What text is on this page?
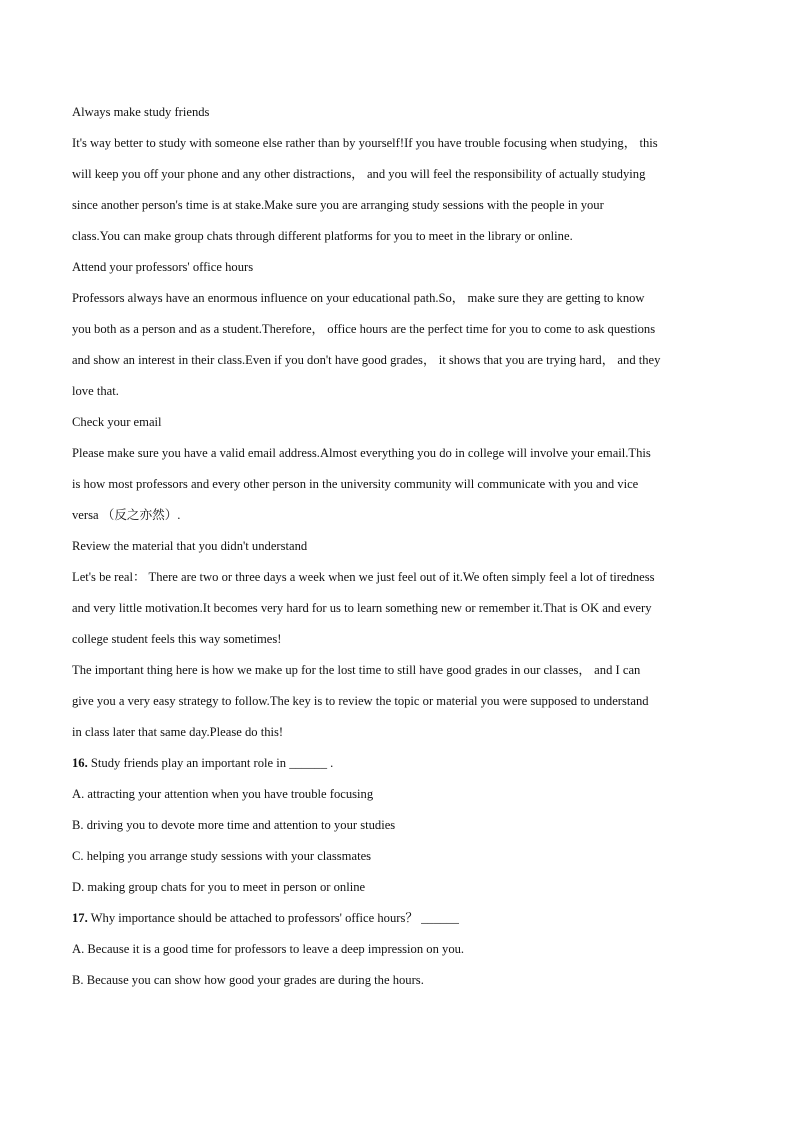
Always make study friends
It's way better to study with someone else rather than by yourself!If you have trouble focusing when studying， this
will keep you off your phone and any other distractions， and you will feel the responsibility of actually studying
since another person's time is at stake.Make sure you are arranging study sessions with the people in your
class.You can make group chats through different platforms for you to meet in the library or online.
Attend your professors' office hours
Professors always have an enormous influence on your educational path.So， make sure they are getting to know
you both as a person and as a student.Therefore， office hours are the perfect time for you to come to ask questions
and show an interest in their class.Even if you don't have good grades， it shows that you are trying hard， and they
love that.
Check your email
Please make sure you have a valid email address.Almost everything you do in college will involve your email.This
is how most professors and every other person in the university community will communicate with you and vice
versa （反之亦然）.
Review the material that you didn't understand
Let's be real： There are two or three days a week when we just feel out of it.We often simply feel a lot of tiredness
and very little motivation.It becomes very hard for us to learn something new or remember it.That is OK and every
college student feels this way sometimes!
The important thing here is how we make up for the lost time to still have good grades in our classes， and I can
give you a very easy strategy to follow.The key is to review the topic or material you were supposed to understand
in class later that same day.Please do this!
16. Study friends play an important role in ______ .
A. attracting your attention when you have trouble focusing
B. driving you to devote more time and attention to your studies
C. helping you arrange study sessions with your classmates
D. making group chats for you to meet in person or online
17. Why importance should be attached to professors' office hours？ ______
A. Because it is a good time for professors to leave a deep impression on you.
B. Because you can show how good your grades are during the hours.
